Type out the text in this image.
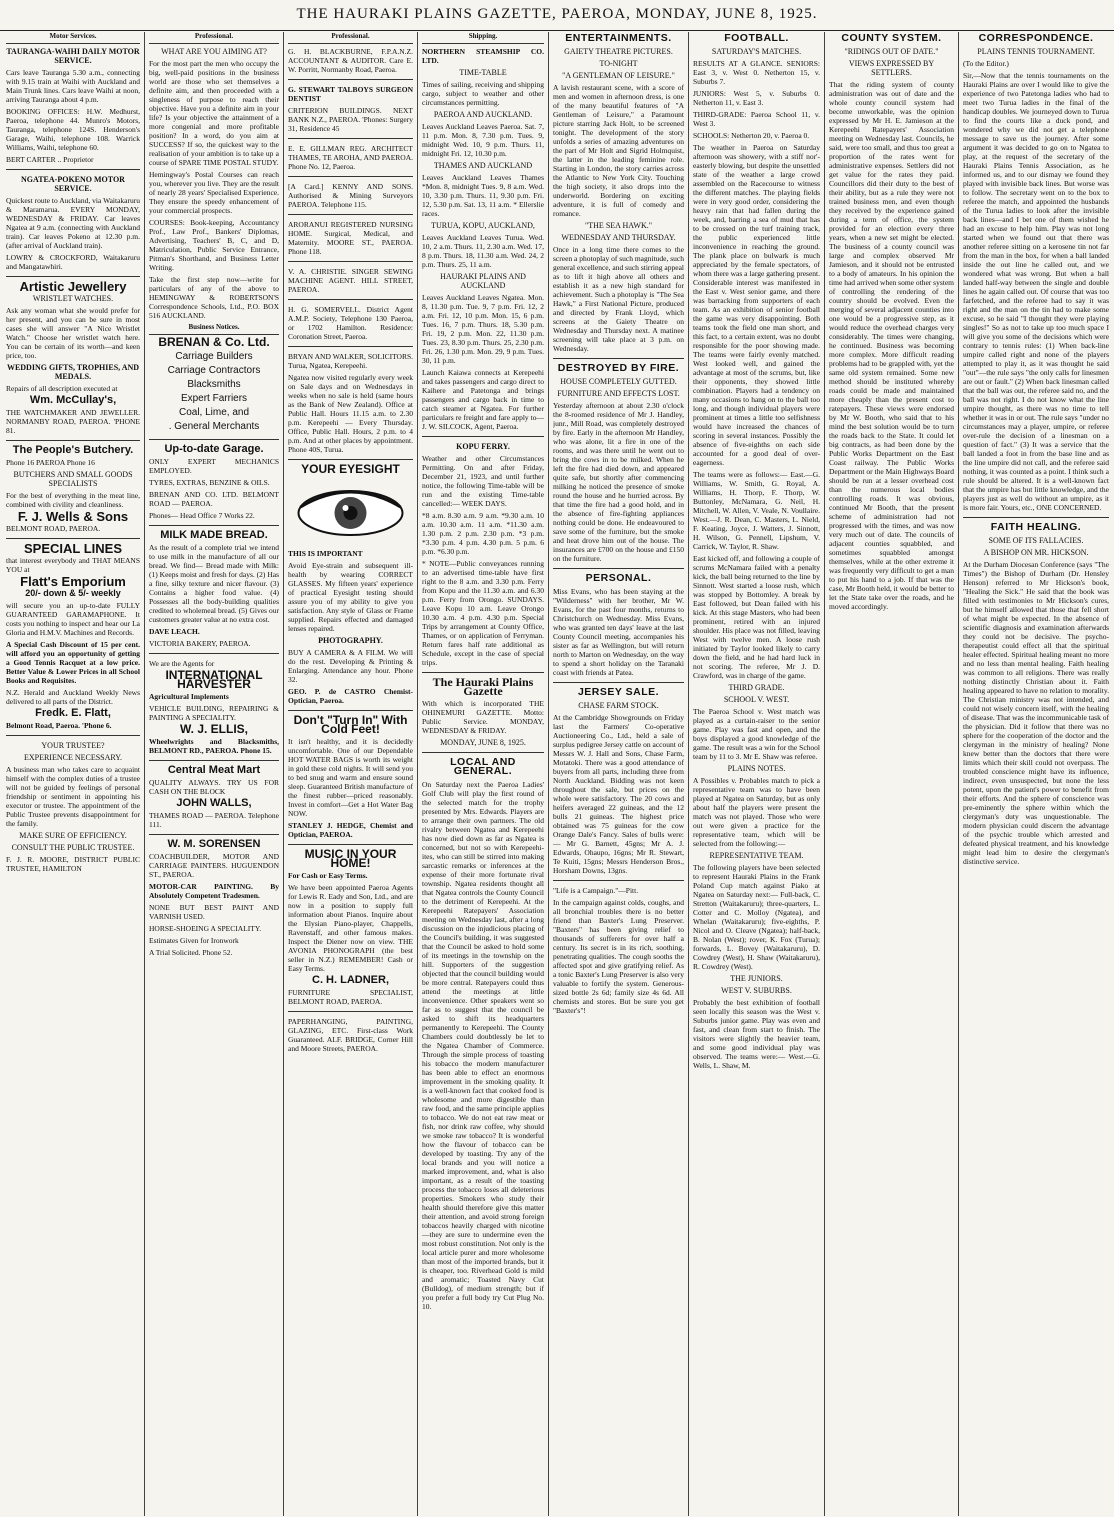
THE HAURAKI PLAINS GAZETTE, PAEROA, MONDAY, JUNE 8, 1925.
Motor Services.
TAURANGA-WAIHI DAILY MOTOR SERVICE.

Cars leave Tauranga 5.30 a.m., connecting with 9.15 train at Waihi with Auckland and Main Trunk lines. Cars leave Waihi at noon, arriving Tauranga about 4 p.m.

BOOKING OFFICES: H.W. Medhurst, Paeroa, telephone 44. Munro's Motors, Tauranga, telephone 124S. Henderson's Garage, Waihi, telephone 108. Warrick Williams, Waihi, telephone 60.

BERT CARTER .. Proprietor

NGATEA-POKENO MOTOR SERVICE.

Quickest route to Auckland, via Waitakaruru & Maramarua. EVERY MONDAY, WEDNESDAY & FRIDAY. Car leaves Ngatea at 9 a.m. (connecting with Auckland train). Car leaves Pokeno at 12.30 p.m. (after arrival of Auckland train).

LOWRY & CROCKFORD, Waitakaruru and Mangatawhiri.

Artistic Jewellery
WRISTLET WATCHES.

Ask any woman what she would prefer for her present, and you can be sure in most cases she will answer "A Nice Wristlet Watch." Choose her wristlet watch here. You can be certain of its worth—and keen price, too.

WEDDING GIFTS, TROPHIES, AND MEDALS.

Repairs of all description executed at

Wm. McCullay's,

THE WATCHMAKER AND JEWELLER. NORMANBY ROAD, PAEROA. 'PHONE 81.

The People's Butchery.

Phone 16 PAEROA Phone 16

BUTCHERS AND SMALL GOODS SPECIALISTS

For the best of everything in the meat line, combined with civility and cleanliness.

F. J. Wells & Sons

BELMONT ROAD, PAEROA.

SPECIAL LINES

that interest everybody and THAT MEANS YOU at

Flatt's Emporium
20/- down & 5/- weekly

will secure you an up-to-date FULLY GUARANTEED GARAMAPHONE. It costs you nothing to inspect and hear our La Gloria and H.M.V. Machines and Records.

A Special Cash Discount of 15 per cent. will afford you an opportunity of getting a Good Tennis Racquet at a low price. Better Value & Lower Prices in all School Books and Requisites.

N.Z. Herald and Auckland Weekly News delivered to all parts of the District.

Fredk. E. Flatt,

Belmont Road, Paeroa. 'Phone 6.

YOUR TRUSTEE?
EXPERIENCE NECESSARY.

A business man who takes care to acquaint himself with the complex duties of a trustee will not be guided by feelings of personal friendship or sentiment in appointing his executor or trustee. The appointment of the Public Trustee prevents disappointment for the family.

MAKE SURE OF EFFICIENCY.
CONSULT THE PUBLIC TRUSTEE.

F. J. R. MOORE, DISTRICT PUBLIC TRUSTEE, HAMILTON

Professional.
WHAT ARE YOU AIMING AT?

For the most part the men who occupy the big, well-paid positions in the business world are those who set themselves a definite aim, and then proceeded with a singleness of purpose to reach their objective. Have you a definite aim in your life? Is your objective the attainment of a more congenial and more profitable position? In a word, do you aim at SUCCESS? If so, the quickest way to the realisation of your ambition is to take up a course of SPARE TIME POSTAL STUDY.

Hemingway's Postal Courses can reach you, wherever you live. They are the result of nearly 28 years' Specialised Experience. They ensure the speedy enhancement of your commercial prospects.

COURSES: Book-keeping, Accountancy Prof., Law Prof., Bankers' Diplomas, Advertising, Teachers' B, C, and D, Matriculation, Public Service Entrance, Pitman's Shorthand, and Business Letter Writing.

Take the first step now—write for particulars of any of the above to HEMINGWAY & ROBERTSON'S Correspondence Schools, Ltd., P.O. BOX 516 AUCKLAND.

Business Notices.
BRENAN & Co. Ltd.
Carriage Builders
Carriage Contractors
Blacksmiths
Expert Farriers
Coal, Lime, and
. General Merchants
Up-to-date Garage.

ONLY EXPERT MECHANICS EMPLOYED.

TYRES, EXTRAS, BENZINE & OILS.

BRENAN AND CO. LTD. BELMONT ROAD — PAEROA.

Phones— Head Office 7 Works 22.

MILK MADE BREAD.

As the result of a complete trial we intend to use milk in the manufacture of all our bread. We find— Bread made with Milk: (1) Keeps moist and fresh for days. (2) Has a fine, silky texture and nicer flavour. (3) Contains a higher food value. (4) Possesses all the body-building qualities credited to wholemeal bread. (5) Gives our customers greater value at no extra cost.

DAVE LEACH.

VICTORIA BAKERY, PAEROA.

We are the Agents for

INTERNATIONAL HARVESTER

Agricultural Implements

VEHICLE BUILDING, REPAIRING & PAINTING A SPECIALITY.

W. J. ELLIS,

Wheelwrights and Blacksmiths, BELMONT RD., PAEROA. Phone 15.

Central Meat Mart

QUALITY ALWAYS. TRY US FOR CASH ON THE BLOCK

JOHN WALLS,

THAMES ROAD — PAEROA. Telephone 111.

W. M. SORENSEN

COACHBUILDER, MOTOR AND CARRIAGE PAINTERS. HUGUENDON ST., PAEROA.

MOTOR-CAR PAINTING. By Absolutely Competent Tradesmen.

NONE BUT BEST PAINT AND VARNISH USED.

HORSE-SHOEING A SPECIALITY.

Estimates Given for Ironwork

A Trial Solicited. Phone 52.

Professional.

G. H. BLACKBURNE, F.P.A.N.Z. ACCOUNTANT & AUDITOR. Care E. W. Porritt, Normanby Road, Paeroa.

G. STEWART TALBOYS SURGEON DENTIST

CRITERION BUILDINGS. NEXT BANK N.Z., PAEROA. 'Phones: Surgery 31, Residence 45

E. E. GILLMAN REG. ARCHITECT THAMES, TE AROHA, AND PAEROA. Phone No. 12, Paeroa.

[A Card.] KENNY AND SONS. Authorised & Mining Surveyors PAEROA. Telephone 115.

ARORANUI REGISTERED NURSING HOME. Surgical, Medical, and Maternity. MOORE ST., PAEROA. Phone 118.

V. A. CHRISTIE. SINGER SEWING MACHINE AGENT. HILL STREET, PAEROA.

H. G. SOMERVELL. District Agent A.M.P. Society, Telephone 130 Paeroa, or 1702 Hamilton. Residence: Coronation Street, Paeroa.

BRYAN AND WALKER, SOLICITORS. Turua, Ngatea, Kerepeehi.

Ngatea now visited regularly every week on Sale days and on Wednesdays in weeks when no sale is held (same hours as the Bank of New Zealand). Office at Public Hall. Hours 11.15 a.m. to 2.30 p.m. Kerepeehi — Every Thursday. Office, Public Hall. Hours, 2 p.m. to 4 p.m. And at other places by appointment. Phone 40S, Turua.

YOUR EYESIGHT

THIS IS IMPORTANT

Avoid Eye-strain and subsequent ill-health by wearing CORRECT GLASSES. My fifteen years' experience of practical Eyesight testing should assure you of my ability to give you satisfaction. Any style of Glass or Frame supplied. Repairs effected and damaged lenses repaired.

PHOTOGRAPHY.

BUY A CAMERA & A FILM. We will do the rest. Developing & Printing & Enlarging. Attendance any hour. Phone 32.

GEO. P. de CASTRO Chemist-Optician, Paeroa.

Don't "Turn In" With Cold Feet!

It isn't healthy, and it is decidedly uncomfortable. One of our Dependable HOT WATER BAGS is worth its weight in gold these cold nights. It will send you to bed snug and warm and ensure sound sleep. Guaranteed British manufacture of the finest rubber—priced reasonably. Invest in comfort—Get a Hot Water Bag NOW.

STANLEY J. HEDGE, Chemist and Optician, PAEROA.

MUSIC IN YOUR HOME!

For Cash or Easy Terms.

We have been appointed Paeroa Agents for Lewis R. Eady and Son, Ltd., and are now in a position to supply full information about Pianos. Inquire about the Elysian Piano-player, Chappells, Ravenstaff, and other famous makes. Inspect the Diener now on view. THE AVONIA PHONOGRAPH (the best seller in N.Z.) REMEMBER! Cash or Easy Terms.

C. H. LADNER,

FURNITURE SPECIALIST, BELMONT ROAD, PAEROA.

PAPERHANGING, PAINTING, GLAZING, ETC. First-class Work Guaranteed. ALF. BRIDGE, Corner Hill and Moore Streets, PAEROA.

Shipping.

NORTHERN STEAMSHIP CO. LTD.

TIME-TABLE

Times of sailing, receiving and shipping cargo, subject to weather and other circumstances permitting.

PAEROA AND AUCKLAND.

Leaves Auckland Leaves Paeroa. Sat. 7, 11 p.m. Mon. 8, 7.30 p.m. Tues. 9, midnight Wed. 10, 9 p.m. Thurs. 11, midnight Fri. 12, 10.30 p.m.

THAMES AND AUCKLAND

Leaves Auckland Leaves Thames *Mon. 8, midnight Tues. 9, 8 a.m. Wed. 10, 3.30 p.m. Thurs. 11, 9.30 p.m. Fri. 12, 5.30 p.m. Sat. 13, 11 a.m. * Ellerslie races.

TURUA, KOPU, AUCKLAND,

Leaves Auckland Leaves Turua. Wed. 10, 2 a.m. Thurs. 11, 2.30 a.m. Wed. 17, 8 p.m. Thurs. 18, 11.30 a.m. Wed. 24, 2 p.m. Thurs. 25, 11 a.m.

HAURAKI PLAINS AND AUCKLAND

Leaves Auckland Leaves Ngatea. Mon. 8, 11.30 p.m. Tue. 9, 7 p.m. Fri. 12, 2 a.m. Fri. 12, 10 p.m. Mon. 15, 6 p.m. Tues. 16, 7 p.m. Thurs. 18, 5.30 p.m. Fri. 19, 2 p.m. Mon. 22, 11.30 p.m. Tues. 23, 8.30 p.m. Thurs. 25, 2.30 p.m. Fri. 26, 1.30 p.m. Mon. 29, 9 p.m. Tues. 30, 11 p.m.

Launch Kaiawa connects at Kerepeehi and takes passengers and cargo direct to Kaihere and Patetonga and brings passengers and cargo back in time to catch steamer at Ngatea. For further particulars re freight and fare apply to— J. W. SILCOCK, Agent, Paeroa.

KOPU FERRY.

Weather and other Circumstances Permitting. On and after Friday, December 21, 1923, and until further notice, the following Time-table will be run and the existing Time-table cancelled:— WEEK DAYS.

*8 a.m. 8.30 a.m. 9 a.m. *9.30 a.m. 10 a.m. 10.30 a.m. 11 a.m. *11.30 a.m. 1.30 p.m. 2 p.m. 2.30 p.m. *3 p.m. *3.30 p.m. 4 p.m. 4.30 p.m. 5 p.m. 6 p.m. *6.30 p.m.

* NOTE—Public conveyances running to an advertised time-table have first right to the 8 a.m. and 3.30 p.m. Ferry from Kopu and the 11.30 a.m. and 6.30 p.m. Ferry from Orongo. SUNDAYS. Leave Kopu 10 a.m. Leave Orongo 10.30 a.m. 4 p.m. 4.30 p.m. Special Trips by arrangement at County Office, Thames, or on application of Ferryman. Return fares half rate additional as Schedule, except in the case of special trips.

The Hauraki Plains Gazette

With which is incorporated THE OHINEMURI GAZETTE. Motto: Public Service. MONDAY, WEDNESDAY & FRIDAY.

MONDAY, JUNE 8, 1925.
LOCAL AND GENERAL.

On Saturday next the Paeroa Ladies' Golf Club will play the first round of the selected match for the trophy presented by Mrs. Edwards. Players are to arrange their own partners. The old rivalry between Ngatea and Kerepeehi has now died down as far as Ngatea is concerned, but not so with Kerepeehi-ites, who can still be stirred into making sarcastic remarks or inferences at the expense of their more fortunate rival township. Ngatea residents thought all that Ngatea controls the County Council to the detriment of Kerepeehi. At the Kerepeehi Ratepayers' Association meeting on Wednesday last, after a long discussion on the injudicious placing of the Council's building, it was suggested that the Council be asked to hold some of its meetings in the township on the hill. Supporters of the suggestion objected that the council building would be more central. Ratepayers could thus attend the meetings at little inconvenience. Other speakers went so far as to suggest that the council be asked to shift its headquarters permanently to Kerepeehi. The County Chambers could doubtlessly be let to the Ngatea Chamber of Commerce. Through the simple process of toasting his tobacco the modern manufacturer has been able to effect an enormous improvement in the smoking quality. It is a well-known fact that cooked food is wholesome and more digestible than raw food, and the same principle applies to tobacco. We do not eat raw meat or fish, nor drink raw coffee, why should we smoke raw tobacco? It is wonderful how the flavour of tobacco can be developed by toasting. Try any of the local brands and you will notice a marked improvement, and, what is also important, as a result of the toasting process the tobacco loses all deleterious properties. Smokers who study their health should therefore give this matter their attention, and avoid strong foreign tobaccos heavily charged with nicotine—they are sure to undermine even the most robust constitution. Not only is the local article purer and more wholesome than most of the imported brands, but it is cheaper, too. Riverhead Gold is mild and aromatic; Toasted Navy Cut (Bulldog), of medium strength; but if you prefer a full body try Cut Plug No. 10.

ENTERTAINMENTS.
GAIETY THEATRE PICTURES.
TO-NIGHT
"A GENTLEMAN OF LEISURE."

A lavish restaurant scene, with a score of men and women in afternoon dress, is one of the many beautiful features of "A Gentleman of Leisure," a Paramount picture starring Jack Holt, to be screened tonight. The development of the story unfolds a series of amazing adventures on the part of Mr Holt and Sigrid Holmquist, the latter in the leading feminine role. Starting in London, the story carries across the Atlantic to New York City. Touching the high society, it also drops into the underworld. Bordering on exciting adventure, it is full of comedy and romance.

"THE SEA HAWK."
WEDNESDAY AND THURSDAY.

Once in a long time there comes to the screen a photoplay of such magnitude, such general excellence, and such stirring appeal as to lift it high above all others and establish it as a new high standard for achievement. Such a photoplay is "The Sea Hawk," a First National Picture, produced and directed by Frank Lloyd, which screens at the Gaiety Theatre on Wednesday and Thursday next. A matinee screening will take place at 3 p.m. on Wednesday.

DESTROYED BY FIRE.
HOUSE COMPLETELY GUTTED.
FURNITURE AND EFFECTS LOST.

Yesterday afternoon at about 2.30 o'clock the 8-roomed residence of Mr J. Handley, junr., Mill Road, was completely destroyed by fire. Early in the afternoon Mr Handley, who was alone, lit a fire in one of the rooms, and was there until he went out to bring the cows in to be milked. When he left the fire had died down, and appeared quite safe, but shortly after commencing milking he noticed the presence of smoke round the house and he hurried across. By that time the fire had a good hold, and in the absence of fire-fighting appliances nothing could be done. He endeavoured to save some of the furniture, but the smoke and heat drove him out of the house. The insurances are £700 on the house and £150 on the furniture.

PERSONAL.

Miss Evans, who has been staying at the "Wilderness" with her brother, Mr W. Evans, for the past four months, returns to Christchurch on Wednesday. Miss Evans, who was granted ten days' leave at the last County Council meeting, accompanies his sister as far as Wellington, but will return north to Marton on Wednesday, on the way to spend a short holiday on the Taranaki coast with friends at Patea.

JERSEY SALE.
CHASE FARM STOCK.

At the Cambridge Showgrounds on Friday last the Farmers' Co-operative Auctioneering Co., Ltd., held a sale of surplus pedigree Jersey cattle on account of Messrs W. J. Hall and Sons, Chase Farm, Motatoki. There was a good attendance of buyers from all parts, including three from North Auckland. Bidding was not keen throughout the sale, but prices on the whole were satisfactory. The 20 cows and heifers averaged 22 guineas, and the 12 bulls 21 guineas. The highest price obtained was 75 guineas for the cow Orange Dale's Fancy. Sales of bulls were:— Mr G. Barnett, 45gns; Mr A. J. Edwards, Ohaupo, 16gns; Mr R. Stewart, Te Kuiti, 15gns; Messrs Henderson Bros., Horsham Downs, 13gns.

"Life is a Campaign."—Pitt.

In the campaign against colds, coughs, and all bronchial troubles there is no better friend than Baxter's Lung Preserver. "Baxters" has been giving relief to thousands of sufferers for over half a century. Its secret is in its rich, soothing, penetrating qualities. The cough sooths the affected spot and give gratifying relief. As a tonic Baxter's Lung Preserver is also very valuable to fortify the system. Generous-sized bottle 2s 6d; family size 4s 6d. All chemists and stores. But be sure you get "Baxter's"!

FOOTBALL.
SATURDAY'S MATCHES.

RESULTS AT A GLANCE. SENIORS: East 3, v. West 0. Netherton 15, v. Suburbs 7.

JUNIORS: West 5, v. Suburbs 0. Netherton 11, v. East 3.

THIRD-GRADE: Paeroa School 11, v. West 3.

SCHOOLS: Netherton 20, v. Paeroa 0.

The weather in Paeroa on Saturday afternoon was showery, with a stiff nor'-easterly blowing, but despite the unsettled state of the weather a large crowd assembled on the Racecourse to witness the different matches. The playing fields were in very good order, considering the heavy rain that had fallen during the week, and, barring a sea of mud that has to be crossed on the turf training track, the public experienced little inconvenience in reaching the ground. The plank place on bulwark is much appreciated by the female spectators, of whom there was a large gathering present. Considerable interest was manifested in the East v. West senior game, and there was barracking from supporters of each team. As an exhibition of senior football the game was very disappointing. Both teams took the field one man short, and this fact, to a certain extent, was no doubt responsible for the poor showing made. The teams were fairly evenly matched. West looked well, and gained the advantage at most of the scrums, but, like their opponents, they showed little combination. Players had a tendency on many occasions to hang on to the ball too long, and though individual players were prominent at times a little too selfishness would have increased the chances of scoring in several instances. Possibly the absence of five-eighths on each side accounted for a good deal of over-eagerness.

The teams were as follows:— East.—G. Williams, W. Smith, G. Royal, A. Williams, H. Thorp, F. Thorp, W. Buttonley, McNamara, G. Neil, H. Mitchell, W. Allen, V. Veale, N. Voullaire. West.—J. R. Dean, C. Masters, L. Nield, F. Keating, Joyce, J. Watters, J. Sinnott, H. Wilson, G. Pennell, Lipshum, V. Carrick, W. Taylor, R. Shaw.

East kicked off, and following a couple of scrums McNamara failed with a penalty kick, the ball being returned to the line by Sinnott. West started a loose rush, which was stopped by Bottomley. A break by East followed, but Dean failed with his kick. At this stage Masters, who had been prominent, retired with an injured shoulder. His place was not filled, leaving West with twelve men. A loose rush initiated by Taylor looked likely to carry down the field, and he had hard luck in not scoring. The referee, Mr J. D. Crawford, was in charge of the game.

THIRD GRADE.
SCHOOL V. WEST.

The Paeroa School v. West match was played as a curtain-raiser to the senior game. Play was fast and open, and the boys displayed a good knowledge of the game. The result was a win for the School team by 11 to 3. Mr E. Shaw was referee.

PLAINS NOTES.

A Possibles v. Probables match to pick a representative team was to have been played at Ngatea on Saturday, but as only about half the players were present the match was not played. Those who were out were given a practice for the representative team, which will be selected from the following:—

REPRESENTATIVE TEAM.

The following players have been selected to represent Hauraki Plains in the Frank Poland Cup match against Piako at Ngatea on Saturday next:— Full-back, C. Stretton (Waitakaruru); three-quarters, L. Cotter and C. Molloy (Ngatea), and Whelan (Waitakaruru); five-eighths, P. Nicol and O. Cleave (Ngatea); half-back, B. Nolan (West); rover, K. Fox (Turua); forwards, L. Bovey (Waitakaruru), D. Cowdrey (West), H. Shaw (Waitakaruru), R. Cowdrey (West).

THE JUNIORS.
WEST V. SUBURBS.

Probably the best exhibition of football seen locally this season was the West v. Suburbs junior game. Play was even and fast, and clean from start to finish. The visitors were slightly the heavier team, and some good individual play was observed. The teams were:— West.—G. Wells, L. Shaw, M.

COUNTY SYSTEM.
"RIDINGS OUT OF DATE."
VIEWS EXPRESSED BY SETTLERS.

That the riding system of county administration was out of date and the whole county council system had become unworkable, was the opinion expressed by Mr H. E. Jamieson at the Kerepeehi Ratepayers' Association meeting on Wednesday last. Councils, he said, were too small, and thus too great a proportion of the rates went for administrative expenses. Settlers did not get value for the rates they paid. Councillors did their duty to the best of their ability, but as a rule they were not trained business men, and even though they received by the experience gained during a term of office, the system provided for an election every three years, when a new set might be elected. The business of a county council was large and complex observed Mr Jamieson, and it should not be entrusted to a body of amateurs. In his opinion the time had arrived when some other system of controlling the rendering of the country should be evolved. Even the merging of several adjacent counties into one would be a progressive step, as it would reduce the overhead charges very considerably. The times were changing, he continued. Business was becoming more complex. More difficult reading problems had to be grappled with, yet the same old system remained. Some new method should be instituted whereby roads could be made and maintained more cheaply than the present cost to ratepayers. These views were endorsed by Mr W. Booth, who said that to his mind the best solution would be to turn the roads back to the State. It could let big contracts, as had been done by the Public Works Department on the East Coast railway. The Public Works Department or the Main Highways Board should be run at a lesser overhead cost than the numerous local bodies controlling roads. It was obvious, continued Mr Booth, that the present scheme of administration had not progressed with the times, and was now very much out of date. The councils of adjacent counties squabbled, and sometimes squabbled amongst themselves, while at the other extreme it was frequently very difficult to get a man to put his hand to a job. If that was the case, Mr Booth held, it would be better to let the State take over the roads, and he moved accordingly.

CORRESPONDENCE.
PLAINS TENNIS TOURNAMENT.

(To the Editor.)

Sir,—Now that the tennis tournaments on the Hauraki Plains are over I would like to give the experience of two Patetonga ladies who had to meet two Turua ladies in the final of the handicap doubles. We journeyed down to Turua to find the courts like a duck pond, and wondered why we did not get a telephone message to save us the journey. After some argument it was decided to go on to Ngatea to play, at the request of the secretary of the Hauraki Plains Tennis Association, as he informed us, and to our dismay we found they played with invisible back lines. But worse was to follow. The secretary went on to the box to referee the match, and appointed the husbands of the Turua ladies to look after the invisible back lines—and I bet one of them wished he had an excuse to help him. Play was not long started when we found out that there was another referee sitting on a kerosene tin not far from the man in the box, for when a ball landed inside the out line he called out, and we wondered what was wrong. But when a ball landed half-way between the single and double lines he again called out. Of course that was too farfetched, and the referee had to say it was right and the man on the tin had to make some excuse, so he said "I thought they were playing singles!" So as not to take up too much space I will give you some of the decisions which were contrary to tennis rules: (1) When back-line umpire called right and none of the players attempted to play it, as it was thought he said "out"—the rule says "the only calls for linesmen are out or fault." (2) When back linesman called that the ball was out, the referee said no, and the ball was not right. I do not know what the line umpire thought, as there was no time to tell whether it was in or out. The rule says "under no circumstances may a player, umpire, or referee over-rule the decision of a linesman on a question of fact." (3) It was a service that the ball landed a foot in from the base line and as the line umpire did not call, and the referee said nothing, it was counted as a point. I think such a rule should be altered. It is a well-known fact that the umpire has but little knowledge, and the players just as well do without an umpire, as it is more fair. Yours, etc., ONE CONCERNED.

FAITH HEALING.
SOME OF ITS FALLACIES.
A BISHOP ON MR. HICKSON.

At the Durham Diocesan Conference (says "The Times") the Bishop of Durham (Dr. Hensley Henson) referred to Mr Hickson's book, "Healing the Sick." He said that the book was filled with testimonies to Mr Hickson's cures, but he himself allowed that those that fell short of what might be expected. In the absence of scientific diagnosis and examination afterwards they could not be decisive. The psycho-therapeutist could effect all that the spiritual healer effected. Spiritual healing meant no more and no less than mental healing. Faith healing was common to all religions. There was really nothing distinctly Christian about it. Faith healing appeared to have no relation to morality. The Christian ministry was not intended, and could not wisely concern itself, with the healing of disease. That was the incommunicable task of the physician. Did it follow that there was no sphere for the cooperation of the doctor and the clergyman in the ministry of healing? None knew better than the doctors that there were limits which their skill could not overpass. The troubled conscience might have its influence, indirect, even unsuspected, but none the less potent, upon the patient's power to benefit from their efforts. And the sphere of conscience was pre-eminently the sphere within which the clergyman's duty was unquestionable. The modern physician could discern the advantage of the psychic trouble which arrested and defeated physical treatment, and his knowledge might lead him to desire the clergyman's distinctive service.
